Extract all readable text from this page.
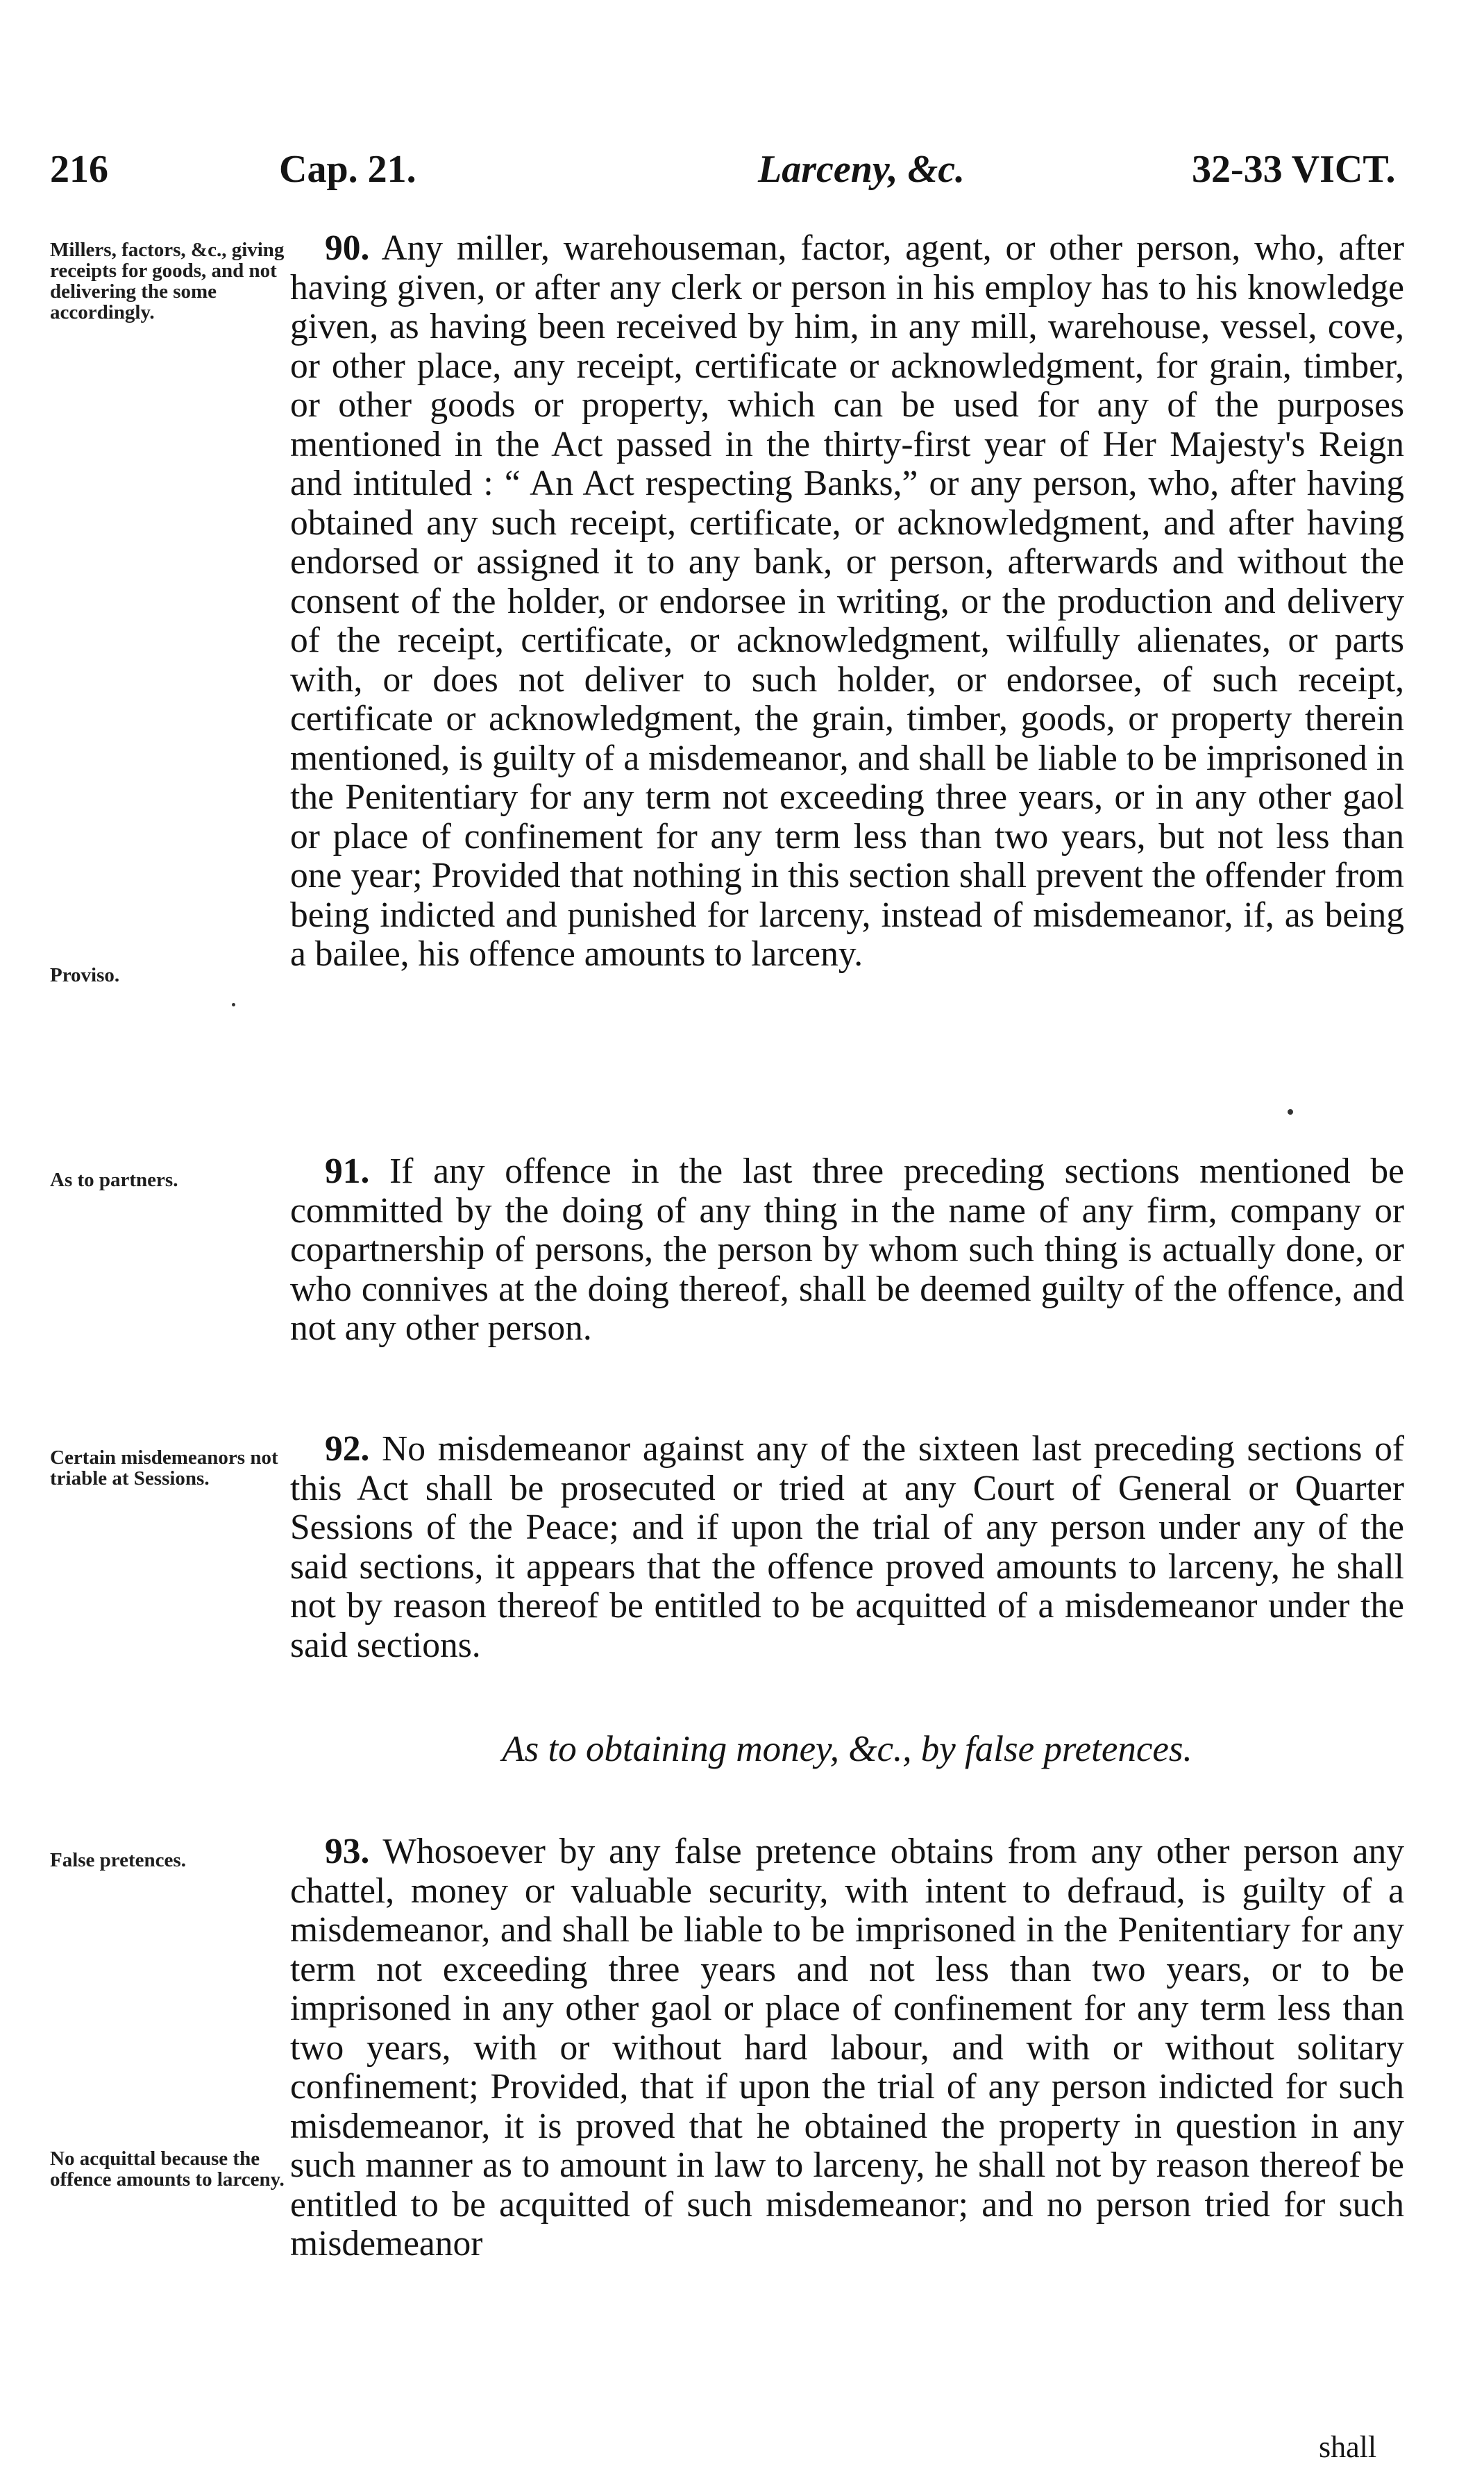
216	Cap. 21.	Larceny, &c.	32-33 VICT.
Millers, factors, &c., giving receipts for goods, and not delivering the some accordingly.
Proviso.

90. Any miller, warehouseman, factor, agent, or other person, who, after having given, or after any clerk or person in his employ has to his knowledge given, as having been received by him, in any mill, warehouse, vessel, cove, or other place, any receipt, certificate or acknowledgment, for grain, timber, or other goods or property, which can be used for any of the purposes mentioned in the Act passed in the thirty-first year of Her Majesty's Reign and intituled : “ An Act respecting Banks,” or any person, who, after having obtained any such receipt, certificate, or acknowledgment, and after having endorsed or assigned it to any bank, or person, afterwards and without the consent of the holder, or endorsee in writing, or the production and delivery of the receipt, certificate, or acknowledgment, wilfully alienates, or parts with, or does not deliver to such holder, or endorsee, of such receipt, certificate or acknowledgment, the grain, timber, goods, or property therein mentioned, is guilty of a misdemeanor, and shall be liable to be imprisoned in the Penitentiary for any term not exceeding three years, or in any other gaol or place of confinement for any term less than two years, but not less than one year; Provided that nothing in this section shall prevent the offender from being indicted and punished for larceny, instead of misdemeanor, if, as being a bailee, his offence amounts to larceny.

As to partners.	91. If any offence in the last three preceding sections mentioned be committed by the doing of any thing in the name of any firm, company or copartnership of persons, the person by whom such thing is actually done, or who connives at the doing thereof, shall be deemed guilty of the offence, and not any other person.

Certain misdemeanors not triable at Sessions.

92. No misdemeanor against any of the sixteen last preceding sections of this Act shall be prosecuted or tried at any Court of General or Quarter Sessions of the Peace; and if upon the trial of any person under any of the said sections, it appears that the offence proved amounts to larceny, he shall not by reason thereof be entitled to be acquitted of a misdemeanor under the said sections.

As to obtaining money, &c., by false pretences.

False pretences.
No acquittal because the offence amounts to larceny.

93. Whosoever by any false pretence obtains from any other person any chattel, money or valuable security, with intent to defraud, is guilty of a misdemeanor, and shall be liable to be imprisoned in the Penitentiary for any term not exceeding three years and not less than two years, or to be imprisoned in any other gaol or place of confinement for any term less than two years, with or without hard labour, and with or without solitary confinement; Provided, that if upon the trial of any person indicted for such misdemeanor, it is proved that he obtained the property in question in any such manner as to amount in law to larceny, he shall not by reason thereof be entitled to be acquitted of such misdemeanor; and no person tried for such misdemeanor

shall
